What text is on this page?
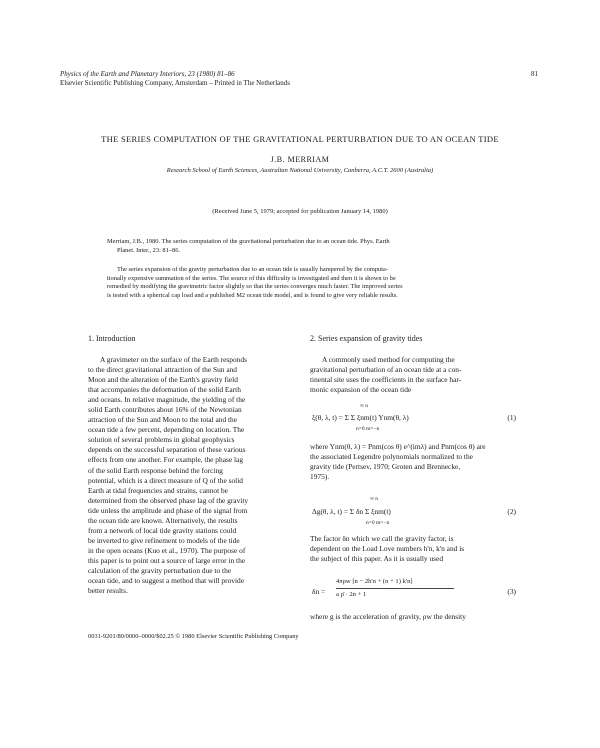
Physics of the Earth and Planetary Interiors, 23 (1980) 81–86
Elsevier Scientific Publishing Company, Amsterdam – Printed in The Netherlands
81
THE SERIES COMPUTATION OF THE GRAVITATIONAL PERTURBATION DUE TO AN OCEAN TIDE
J.B. MERRIAM
Research School of Earth Sciences, Australian National University, Canberra, A.C.T. 2600 (Australia)
(Received June 5, 1979; accepted for publication January 14, 1980)
Merriam, J.B., 1980. The series computation of the gravitational perturbation due to an ocean tide. Phys. Earth
Planet. Inter., 23: 81–86.
The series expansion of the gravity perturbation due to an ocean tide is usually hampered by the computa-
tionally expensive summation of the series. The source of this difficulty is investigated and then it is shown to be
remedied by modifying the gravimetric factor slightly so that the series converges much faster. The improved series
is tested with a spherical cap load and a published M2 ocean tide model, and is found to give very reliable results.
1. Introduction
A gravimeter on the surface of the Earth responds
to the direct gravitational attraction of the Sun and
Moon and the alteration of the Earth's gravity field
that accompanies the deformation of the solid Earth
and oceans. In relative magnitude, the yielding of the
solid Earth contributes about 16% of the Newtonian
attraction of the Sun and Moon to the total and the
ocean tide a few percent, depending on location. The
solution of several problems in global geophysics
depends on the successful separation of these various
effects from one another. For example, the phase lag
of the solid Earth response behind the forcing
potential, which is a direct measure of Q of the solid
Earth at tidal frequencies and strains, cannot be
determined from the observed phase lag of the gravity
tide unless the amplitude and phase of the signal from
the ocean tide are known. Alternatively, the results
from a network of local tide gravity stations could
be inverted to give refinement to models of the tide
in the open oceans (Kuo et al., 1970). The purpose of
this paper is to point out a source of large error in the
calculation of the gravity perturbation due to the
ocean tide, and to suggest a method that will provide
better results.
2. Series expansion of gravity tides
A commonly used method for computing the
gravitational perturbation of an ocean tide at a con-
tinental site uses the coefficients in the surface har-
monic expansion of the ocean tide
∞ n
ξ(θ, λ, t) = Σ Σ ξnm(t) Ynm(θ, λ)
n=0 m=−n
(1)
where Ynm(θ, λ) = Pnm(cos θ) e^(imλ) and Pnm(cos θ) are
the associated Legendre polynomials normalized to the
gravity tide (Pertsev, 1970; Groten and Brennecke,
1975).
∞ n
Δg(θ, λ, t) = Σ δn Σ ξnm(t)
n=0 m=−n
(2)
The factor δn which we call the gravity factor, is
dependent on the Load Love numbers h'n, k'n and is
the subject of this paper. As it is usually used
δn =
4πρw [n − 2h'n + (n + 1) k'n]
a ρ̄ · 2n + 1	(3)
where g is the acceleration of gravity, ρw the density
0031-9201/80/0000–0000/$02.25 © 1980 Elsevier Scientific Publishing Company
